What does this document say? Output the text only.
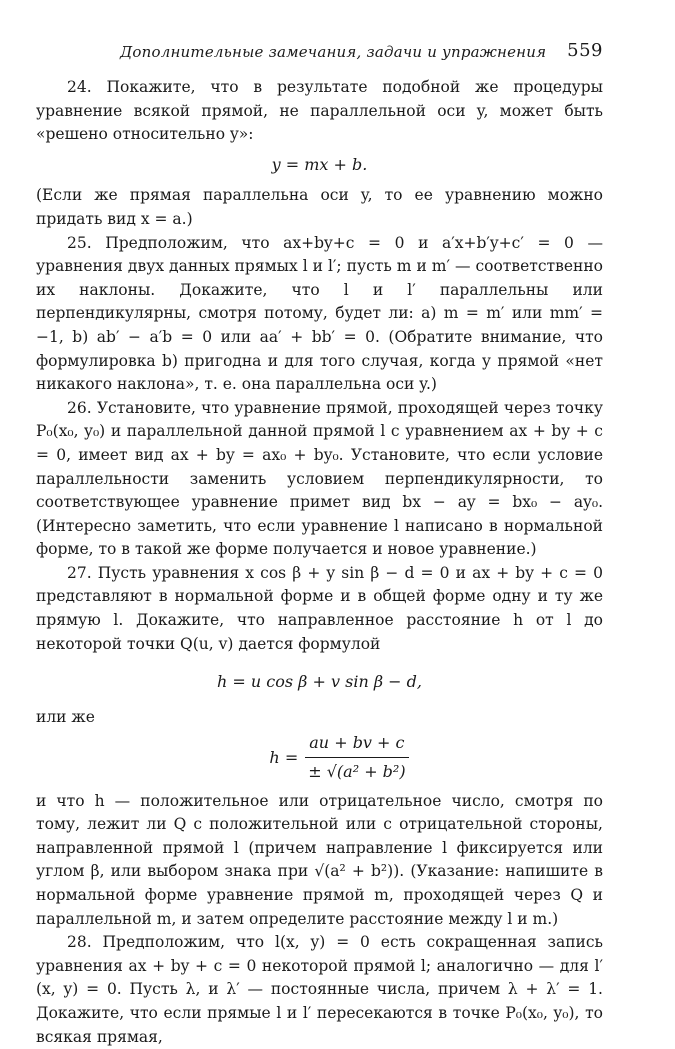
Дополнительные замечания, задачи и упражнения 559

24. Покажите, что в результате подобной же процедуры уравнение всякой прямой, не параллельной оси y, может быть «решено относительно y»:

y = mx + b.

(Если же прямая параллельна оси y, то ее уравнению можно придать вид x = a.)

25. Предположим, что ax+by+c = 0 и a′x+b′y+c′ = 0 — уравнения двух данных прямых l и l′; пусть m и m′ — соответственно их наклоны. Докажите, что l и l′ параллельны или перпендикулярны, смотря потому, будет ли: a) m = m′ или mm′ = −1, b) ab′ − a′b = 0 или aa′ + bb′ = 0. (Обратите внимание, что формулировка b) пригодна и для того случая, когда у прямой «нет никакого наклона», т. е. она параллельна оси y.)

26. Установите, что уравнение прямой, проходящей через точку P₀(x₀, y₀) и параллельной данной прямой l с уравнением ax + by + c = 0, имеет вид ax + by = ax₀ + by₀. Установите, что если условие параллельности заменить условием перпендикулярности, то соответствующее уравнение примет вид bx − ay = bx₀ − ay₀. (Интересно заметить, что если уравнение l написано в нормальной форме, то в такой же форме получается и новое уравнение.)

27. Пусть уравнения x cos β + y sin β − d = 0 и ax + by + c = 0 представляют в нормальной форме и в общей форме одну и ту же прямую l. Докажите, что направленное расстояние h от l до некоторой точки Q(u, v) дается формулой

h = u cos β + v sin β − d,

или же

$h = \frac{au + bv + c}{\text{± √(a² + b²)}}$

и что h — положительное или отрицательное число, смотря по тому, лежит ли Q с положительной или с отрицательной стороны, направленной прямой l (причем направление l фиксируется или углом β, или выбором знака при √(a² + b²)). (Указание: напишите в нормальной форме уравнение прямой m, проходящей через Q и параллельной m, и затем определите расстояние между l и m.)

28. Предположим, что l(x, y) = 0 есть сокращенная запись уравнения ax + by + c = 0 некоторой прямой l; аналогично — для l′(x, y) = 0. Пусть λ, и λ′ — постоянные числа, причем λ + λ′ = 1. Докажите, что если прямые l и l′ пересекаются в точке P₀(x₀, y₀), то всякая прямая,
